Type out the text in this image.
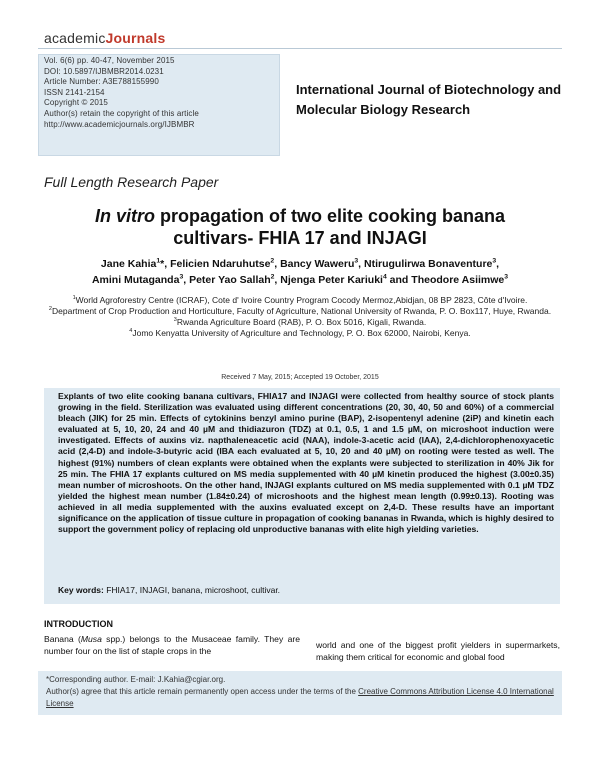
academicJournals
Vol. 6(6) pp. 40-47, November 2015
DOI: 10.5897/IJBMBR2014.0231
Article Number: A3E788155990
ISSN 2141-2154
Copyright © 2015
Author(s) retain the copyright of this article
http://www.academicjournals.org/IJBMBR
International Journal of Biotechnology and
Molecular Biology Research
Full Length Research Paper
In vitro propagation of two elite cooking banana
cultivars- FHIA 17 and INJAGI
Jane Kahia$^1$*, Felicien Ndaruhutse$^2$, Bancy Waweru$^3$, Ntirugulirwa Bonaventure$^3$,
Amini Mutaganda$^3$, Peter Yao Sallah$^2$, Njenga Peter Kariuki$^4$ and Theodore Asiimwe$^3$
$^1$World Agroforestry Centre (ICRAF), Cote d' Ivoire Country Program Cocody Mermoz,Abidjan, 08 BP 2823, Côte d'Ivoire.
$^2$Department of Crop Production and Horticulture, Faculty of Agriculture, National University of Rwanda, P. O. Box117, Huye, Rwanda.
$^3$Rwanda Agriculture Board (RAB), P. O. Box 5016, Kigali, Rwanda.
$^4$Jomo Kenyatta University of Agriculture and Technology, P. O. Box 62000, Nairobi, Kenya.
Received 7 May, 2015; Accepted 19 October, 2015

Explants of two elite cooking banana cultivars, FHIA17 and INJAGI were collected from healthy source of stock plants growing in the field. Sterilization was evaluated using different concentrations (20, 30, 40, 50 and 60%) of a commercial bleach (JIK) for 25 min. Effects of cytokinins benzyl amino purine (BAP), 2-isopentenyl adenine (2iP) and kinetin each evaluated at 5, 10, 20, 24 and 40 µM and thidiazuron (TDZ) at 0.1, 0.5, 1 and 1.5 µM, on microshoot induction were investigated. Effects of auxins viz. napthaleneacetic acid (NAA), indole-3-acetic acid (IAA), 2,4-dichlorophenoxyacetic acid (2,4-D) and indole-3-butyric acid (IBA each evaluated at 5, 10, 20 and 40 µM) on rooting were tested as well. The highest (91%) numbers of clean explants were obtained when the explants were subjected to sterilization in 40% Jik for 25 min. The FHIA 17 explants cultured on MS media supplemented with 40 µM kinetin produced the highest (3.00±0.35) mean number of microshoots. On the other hand, INJAGI explants cultured on MS media supplemented with 0.1 µM TDZ yielded the highest mean number (1.84±0.24) of microshoots and the highest mean length (0.99±0.13). Rooting was achieved in all media supplemented with the auxins evaluated except on 2,4-D. These results have an important significance on the application of tissue culture in propagation of cooking bananas in Rwanda, which is highly desired to support the government policy of replacing old unproductive bananas with elite high yielding varieties.

Key words: FHIA17, INJAGI, banana, microshoot, cultivar.
INTRODUCTION
Banana (Musa spp.) belongs to the Musaceae family. They are number four on the list of staple crops in the
world and one of the biggest profit yielders in supermarkets, making them critical for economic and global food
*Corresponding author. E-mail: J.Kahia@cgiar.org.
Author(s) agree that this article remain permanently open access under the terms of the Creative Commons Attribution License 4.0 International License
